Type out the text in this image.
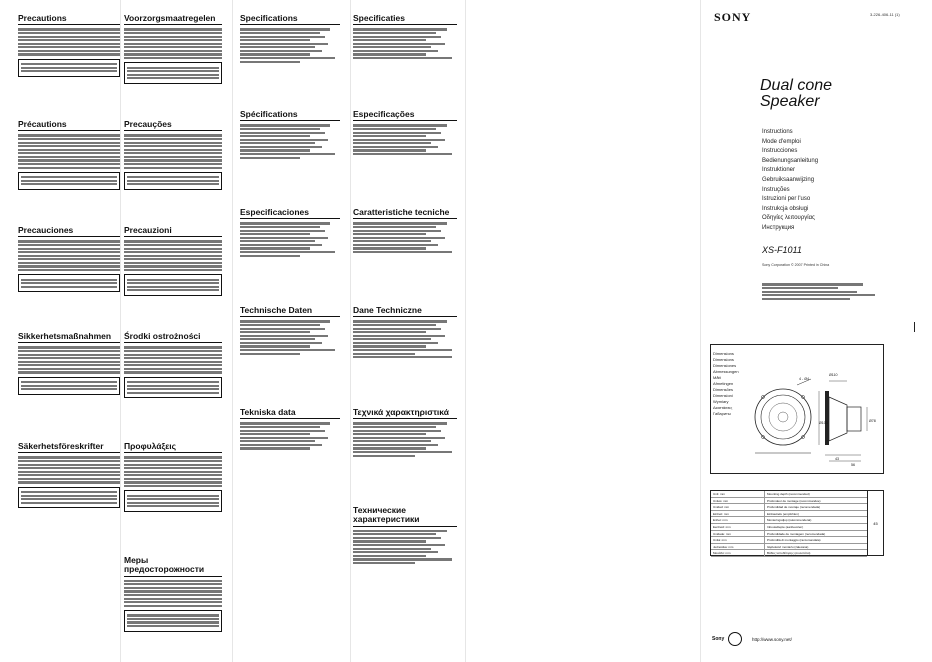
Precautions
Précautions
Precauciones
Sikkerhetsmaßnahmen
Säkerhetsföreskrifter
Voorzorgsmaatregelen
Precauções
Precauzioni
Środki ostrożności
Προφυλάξεις
Меры предосторожности
Specifications
Spécifications
Especificaciones
Technische Daten
Tekniska data
Specificaties
Especificações
Caratteristiche tecniche
Dane Techniczne
Τεχνικά χαρακτηριστικά
Технические характеристики
SONY	3-226-406-11 (1)
Dual cone
Speaker
Instructions
Mode d'emploi
Instrucciones
Bedienungsanleitung
Instruktioner
Gebruiksaanwijzing
Instruções
Istruzioni per l'uso
Instrukcja obsługi
Οδηγίες λειτουργίας
Инструкция
XS-F1011
Sony Corporation © 2007 Printed in China
Dimensions
Dimensions
Dimensiones
Abmessungen
Mått
Afmetingen
Dimensões
Dimensioni
Wymiary
Διαστάσεις
Габариты
4 - Ø4
Ø110
Ø103	Ø78
43
56
Unit: mm	Mounting depth (recommended)
Unités: mm	Profondeur de montage (recommandée)
Unidad: mm	Profundidad de montaje (recomendada)
Einheit: mm	Einbautiefe (empfohlen)
Enhet: mm	Monteringsdjup (rekommenderat)
Eenheid: mm	Inbouwdiepte (aanbevolen)
Unidade: mm	Profundidade de montagem (recomendada)
Unità: mm	Profondità di montaggio (raccomandata)
Jednostka: mm	Głębokość montażu (zalecana)
Μονάδα: mm	Βάθος τοποθέτησης (συνιστάται)
45
Sony	http://www.sony.net/
